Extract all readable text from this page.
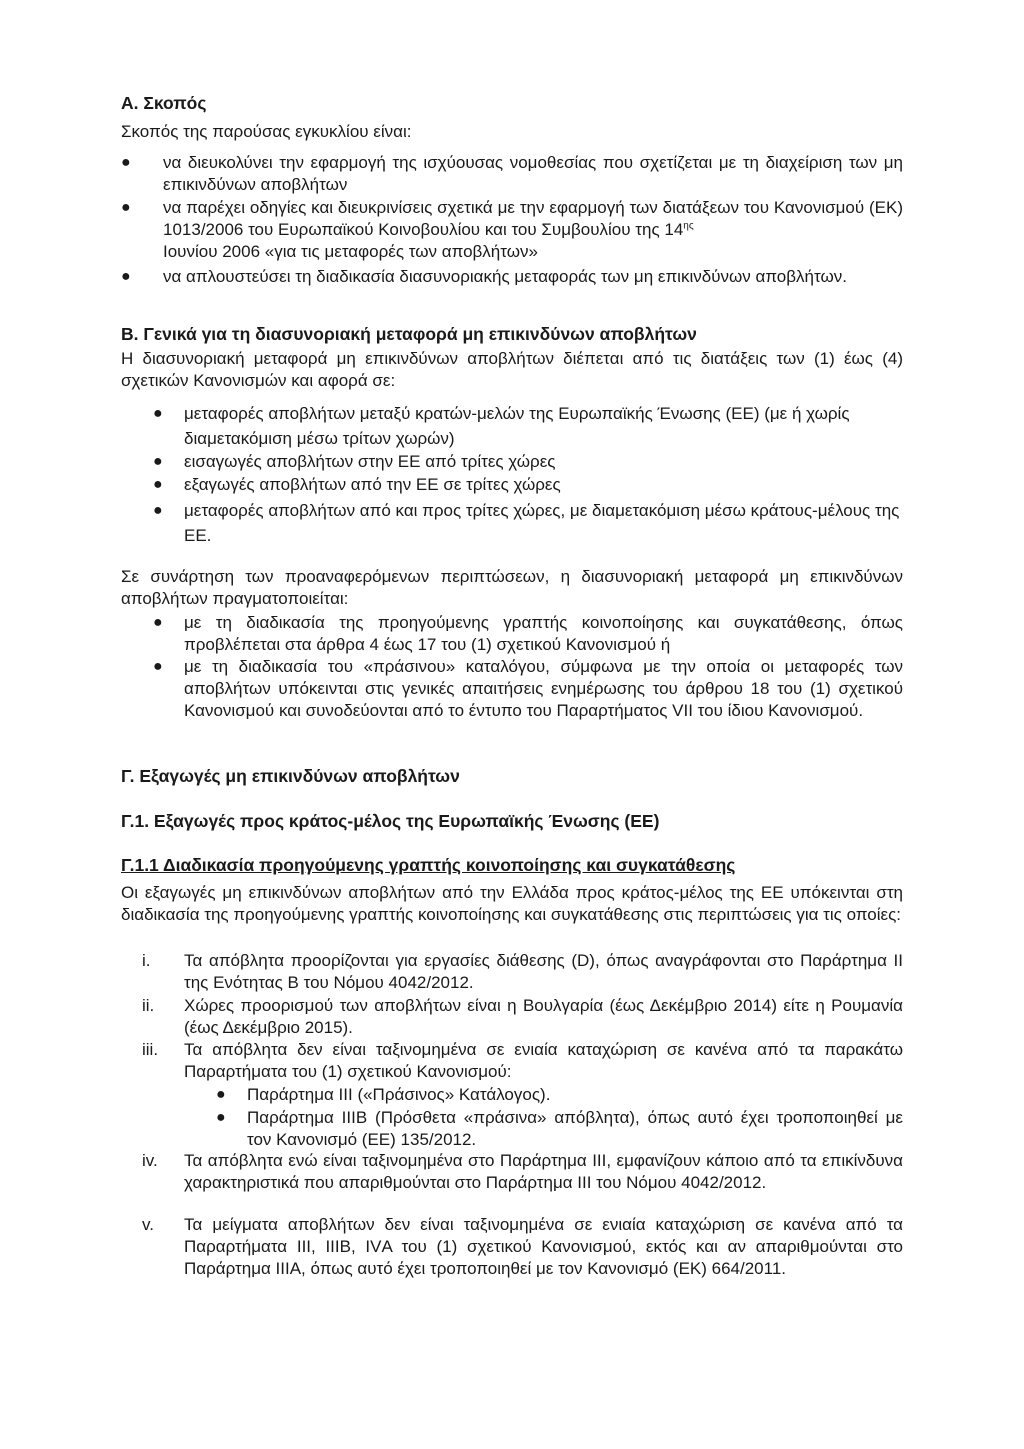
Α. Σκοπός
Σκοπός της παρούσας εγκυκλίου είναι:
● να διευκολύνει την εφαρμογή της ισχύουσας νομοθεσίας που σχετίζεται με τη διαχείριση των μη επικινδύνων αποβλήτων
● να παρέχει οδηγίες και διευκρινίσεις σχετικά με την εφαρμογή των διατάξεων του Κανονισμού (ΕΚ) 1013/2006 του Ευρωπαϊκού Κοινοβουλίου και του Συμβουλίου της $14^{\eta\varsigma}$
Ιουνίου 2006 «για τις μεταφορές των αποβλήτων»
● να απλουστεύσει τη διαδικασία διασυνοριακής μεταφοράς των μη επικινδύνων αποβλήτων.
Β. Γενικά για τη διασυνοριακή μεταφορά μη επικινδύνων αποβλήτων
Η διασυνοριακή μεταφορά μη επικινδύνων αποβλήτων διέπεται από τις διατάξεις των (1) έως (4) σχετικών Κανονισμών και αφορά σε:
● μεταφορές αποβλήτων μεταξύ κρατών-μελών της Ευρωπαϊκής Ένωσης (ΕΕ) (με ή χωρίς διαμετακόμιση μέσω τρίτων χωρών)
● εισαγωγές αποβλήτων στην ΕΕ από τρίτες χώρες
● εξαγωγές αποβλήτων από την ΕΕ σε τρίτες χώρες
● μεταφορές αποβλήτων από και προς τρίτες χώρες, με διαμετακόμιση μέσω κράτους-μέλους της ΕΕ.
Σε συνάρτηση των προαναφερόμενων περιπτώσεων, η διασυνοριακή μεταφορά μη επικινδύνων αποβλήτων πραγματοποιείται:
● με τη διαδικασία της προηγούμενης γραπτής κοινοποίησης και συγκατάθεσης, όπως προβλέπεται στα άρθρα 4 έως 17 του (1) σχετικού Κανονισμού ή
● με τη διαδικασία του «πράσινου» καταλόγου, σύμφωνα με την οποία οι μεταφορές των αποβλήτων υπόκεινται στις γενικές απαιτήσεις ενημέρωσης του άρθρου 18 του (1) σχετικού Κανονισμού και συνοδεύονται από το έντυπο του Παραρτήματος VII του ίδιου Κανονισμού.
Γ. Εξαγωγές μη επικινδύνων αποβλήτων
Γ.1. Εξαγωγές προς κράτος-μέλος της Ευρωπαϊκής Ένωσης (ΕΕ)
Γ.1.1 Διαδικασία προηγούμενης γραπτής κοινοποίησης και συγκατάθεσης
Οι εξαγωγές μη επικινδύνων αποβλήτων από την Ελλάδα προς κράτος-μέλος της ΕΕ υπόκεινται στη διαδικασία της προηγούμενης γραπτής κοινοποίησης και συγκατάθεσης στις περιπτώσεις για τις οποίες:
i.	Τα απόβλητα προορίζονται για εργασίες διάθεσης (D), όπως αναγράφονται στο Παράρτημα ΙΙ της Ενότητας Β του Νόμου 4042/2012.
ii.	Χώρες προορισμού των αποβλήτων είναι η Βουλγαρία (έως Δεκέμβριο 2014) είτε η Ρουμανία (έως Δεκέμβριο 2015).
iii.	Τα απόβλητα δεν είναι ταξινομημένα σε ενιαία καταχώριση σε κανένα από τα παρακάτω Παραρτήματα του (1) σχετικού Κανονισμού:
● Παράρτημα ΙΙΙ («Πράσινος» Κατάλογος).
● Παράρτημα ΙΙΙΒ (Πρόσθετα «πράσινα» απόβλητα), όπως αυτό έχει τροποποιηθεί με τον Κανονισμό (ΕΕ) 135/2012.
iv.	Τα απόβλητα ενώ είναι ταξινομημένα στο Παράρτημα ΙΙΙ, εμφανίζουν κάποιο από τα επικίνδυνα χαρακτηριστικά που απαριθμούνται στο Παράρτημα ΙΙΙ του Νόμου 4042/2012.
v.	Τα μείγματα αποβλήτων δεν είναι ταξινομημένα σε ενιαία καταχώριση σε κανένα από τα Παραρτήματα ΙΙΙ, ΙΙΙΒ, ΙVΑ του (1) σχετικού Κανονισμού, εκτός και αν απαριθμούνται στο Παράρτημα ΙΙΙΑ, όπως αυτό έχει τροποποιηθεί με τον Κανονισμό (ΕΚ) 664/2011.
